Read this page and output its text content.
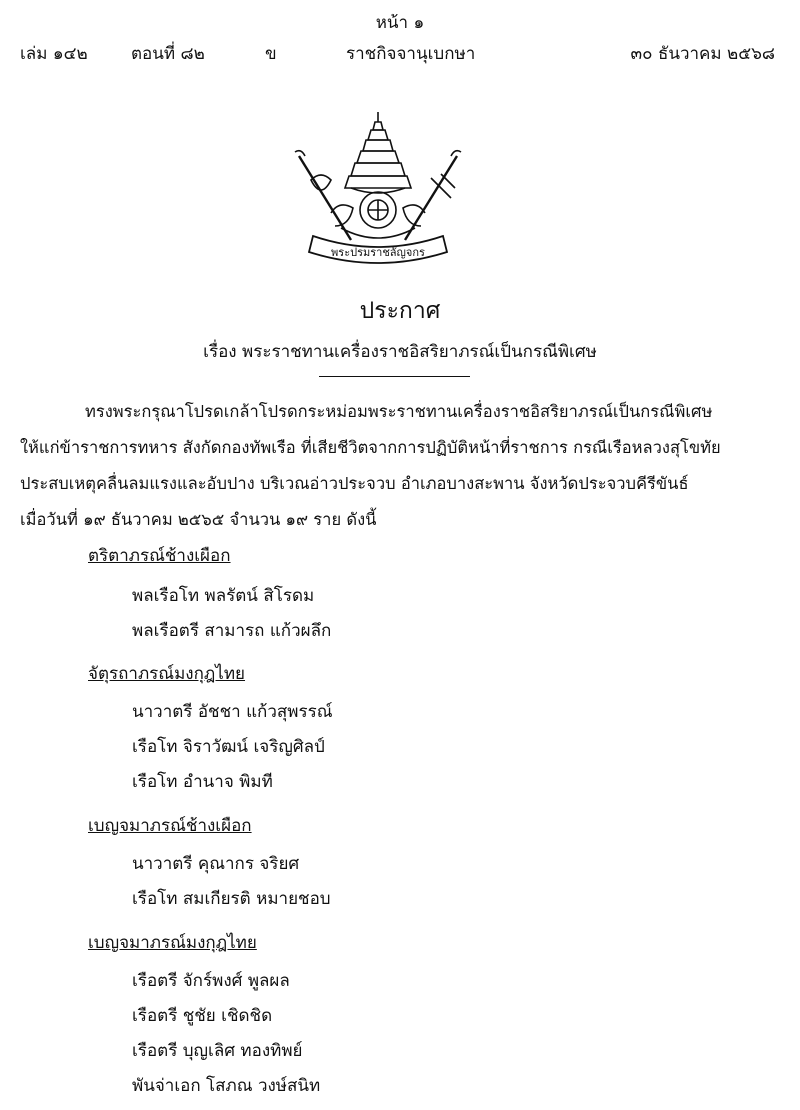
หน้า ๑
เล่ม ๑๔๒	ตอนที่ ๘๒	ข	ราชกิจจานุเบกษา	๓๐ ธันวาคม ๒๕๖๘
พระปรมราชลัญจกร
ประกาศ
เรื่อง พระราชทานเครื่องราชอิสริยาภรณ์เป็นกรณีพิเศษ
ทรงพระกรุณาโปรดเกล้าโปรดกระหม่อมพระราชทานเครื่องราชอิสริยาภรณ์เป็นกรณีพิเศษ
ให้แก่ข้าราชการทหาร สังกัดกองทัพเรือ ที่เสียชีวิตจากการปฏิบัติหน้าที่ราชการ กรณีเรือหลวงสุโขทัย
ประสบเหตุคลื่นลมแรงและอับปาง บริเวณอ่าวประจวบ อำเภอบางสะพาน จังหวัดประจวบคีรีขันธ์
เมื่อวันที่ ๑๙ ธันวาคม ๒๕๖๕ จำนวน ๑๙ ราย ดังนี้
ตริตาภรณ์ช้างเผือก
พลเรือโท พลรัตน์ สิโรดม
พลเรือตรี สามารถ แก้วผลึก
จัตุรถาภรณ์มงกุฎไทย
นาวาตรี อัชชา แก้วสุพรรณ์
เรือโท จิราวัฒน์ เจริญศิลป์
เรือโท อำนาจ พิมที
เบญจมาภรณ์ช้างเผือก
นาวาตรี คุณากร จริยศ
เรือโท สมเกียรติ หมายชอบ
เบญจมาภรณ์มงกุฎไทย
เรือตรี จักร์พงศ์ พูลผล
เรือตรี ชูชัย เชิดชิด
เรือตรี บุญเลิศ ทองทิพย์
พันจ่าเอก โสภณ วงษ์สนิท
